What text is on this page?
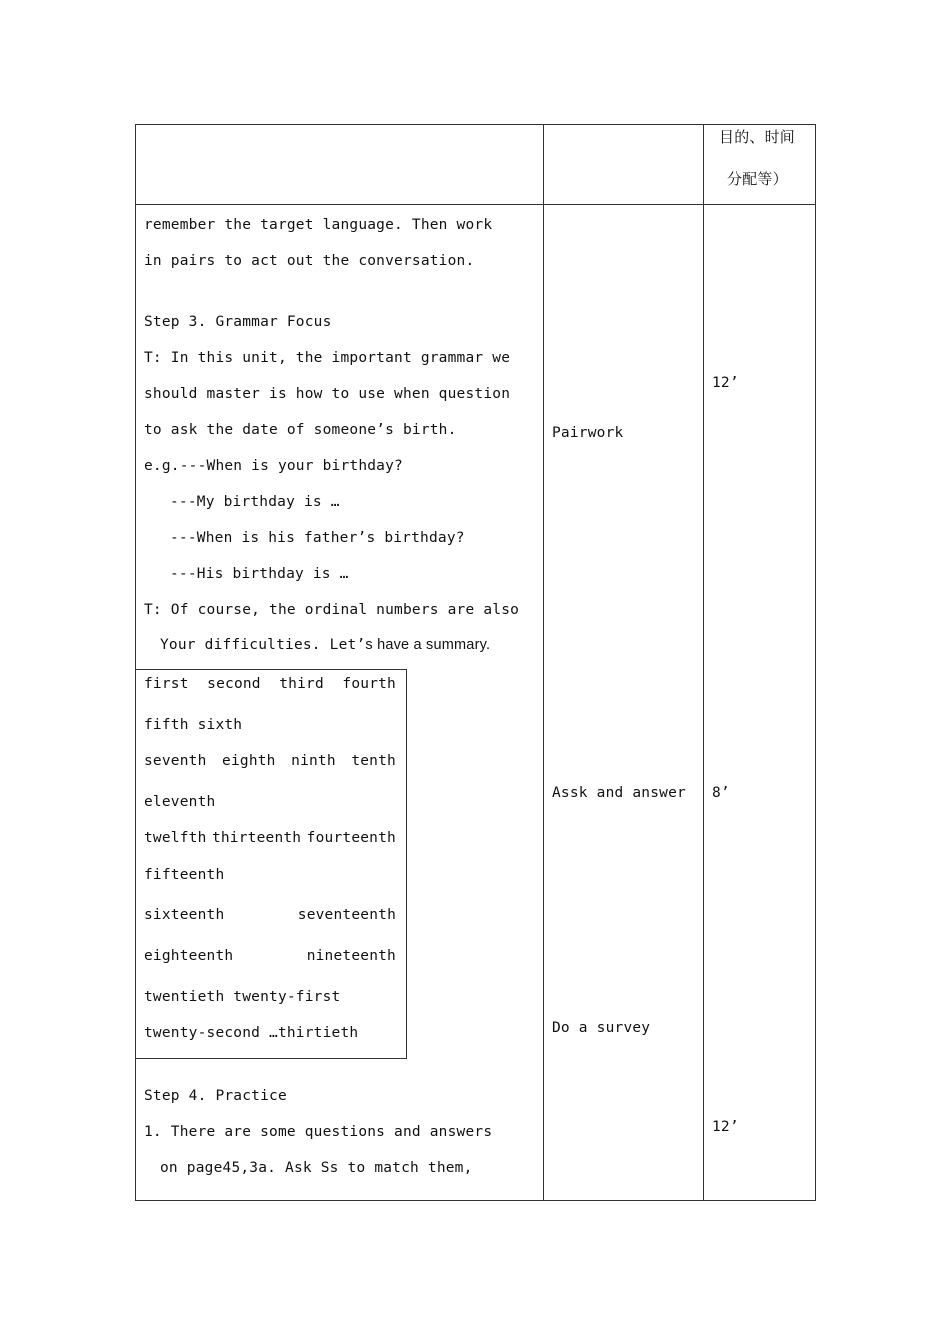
目的、时间
分配等）
remember the target language. Then work
in pairs to act out the conversation.
Step 3. Grammar Focus
T: In this unit, the important grammar we
should master is how to use when question
to ask the date of someone’s birth.
e.g.---When is your birthday?
---My birthday is …
---When is his father’s birthday?
---His birthday is …
T: Of course, the ordinal numbers are also
Your difficulties. Let’s have a summary.
first second third fourth
fifth sixth
seventh eighth ninth tenth
eleventh
twelfth thirteenth fourteenth
fifteenth
sixteenth	seventeenth
eighteenth	nineteenth
twentieth twenty-first
twenty-second …thirtieth
Step 4. Practice
1. There are some questions and answers
on page45,3a. Ask Ss to match them,
Pairwork
Assk and answer
Do a survey
12’
8’
12’
